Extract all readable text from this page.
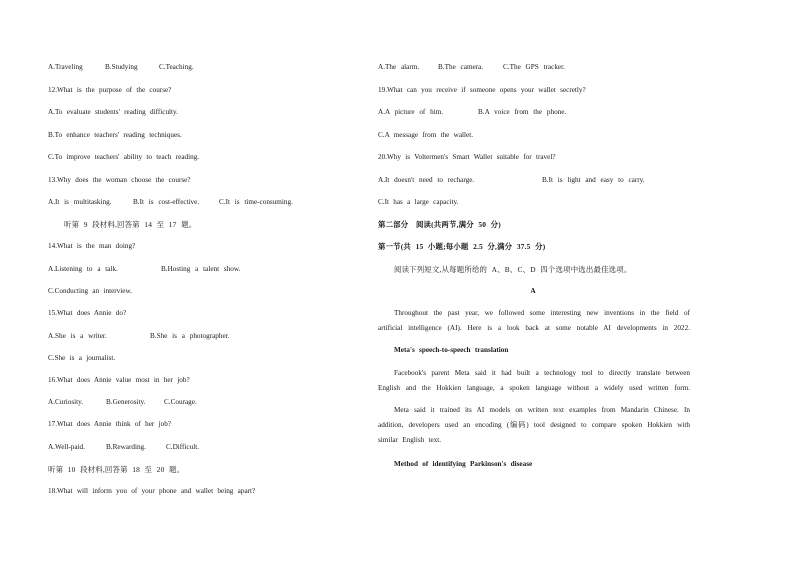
A.Traveling	B.Studying	C.Teaching.
12.What is the purpose of the course?
A.To evaluate students' reading difficulty.
B.To enhance teachers' reading techniques.
C.To improve teachers' ability to teach reading.
13.Why does the woman choose the course?
A.It is multitasking.	B.It is cost-effective.	C.It is time-consuming.
听第 9 段材料,回答第 14 至 17 题。
14.What is the man doing?
A.Listening to a talk.	B.Hosting a talent show.
C.Conducting an interview.
15.What does Annie do?
A.She is a writer.	B.She is a photographer.
C.She is a journalist.
16.What does Annie value most in her job?
A.Curiosity.	B.Generosity.	C.Courage.
17.What does Annie think of her job?
A.Well-paid.	B.Rewarding.	C.Difficult.
听第 10 段材料,回答第 18 至 20 题。
18.What will inform you of your phone and wallet being apart?
A.The alarm.	B.The camera.	C.The GPS tracker.
19.What can you receive if someone opens your wallet secretly?
A.A picture of him.	B.A voice from the phone.
C.A message from the wallet.
20.Why is Voltermen's Smart Wallet suitable for travel?
A.It doesn't need to recharge.	B.It is light and easy to carry.
C.It has a large capacity.
第二部分　阅读(共两节,满分 50 分)
第一节(共 15 小题;每小题 2.5 分,满分 37.5 分)
阅读下列短文,从每题所给的 A、B、C、D 四个选项中选出最佳选项。
A
Throughout the past year, we followed some interesting new inventions in the field of
artificial intelligence (AI). Here is a look back at some notable AI developments in 2022.
Meta's speech-to-speech translation
Facebook's parent Meta said it had built a technology tool to directly translate between
English and the Hokkien language, a spoken language without a widely used written form.
Meta said it trained its AI models on written text examples from Mandarin Chinese. In
addition, developers used an encoding (编码) tool designed to compare spoken Hokkien with
similar English text.
Method of identifying Parkinson's disease
